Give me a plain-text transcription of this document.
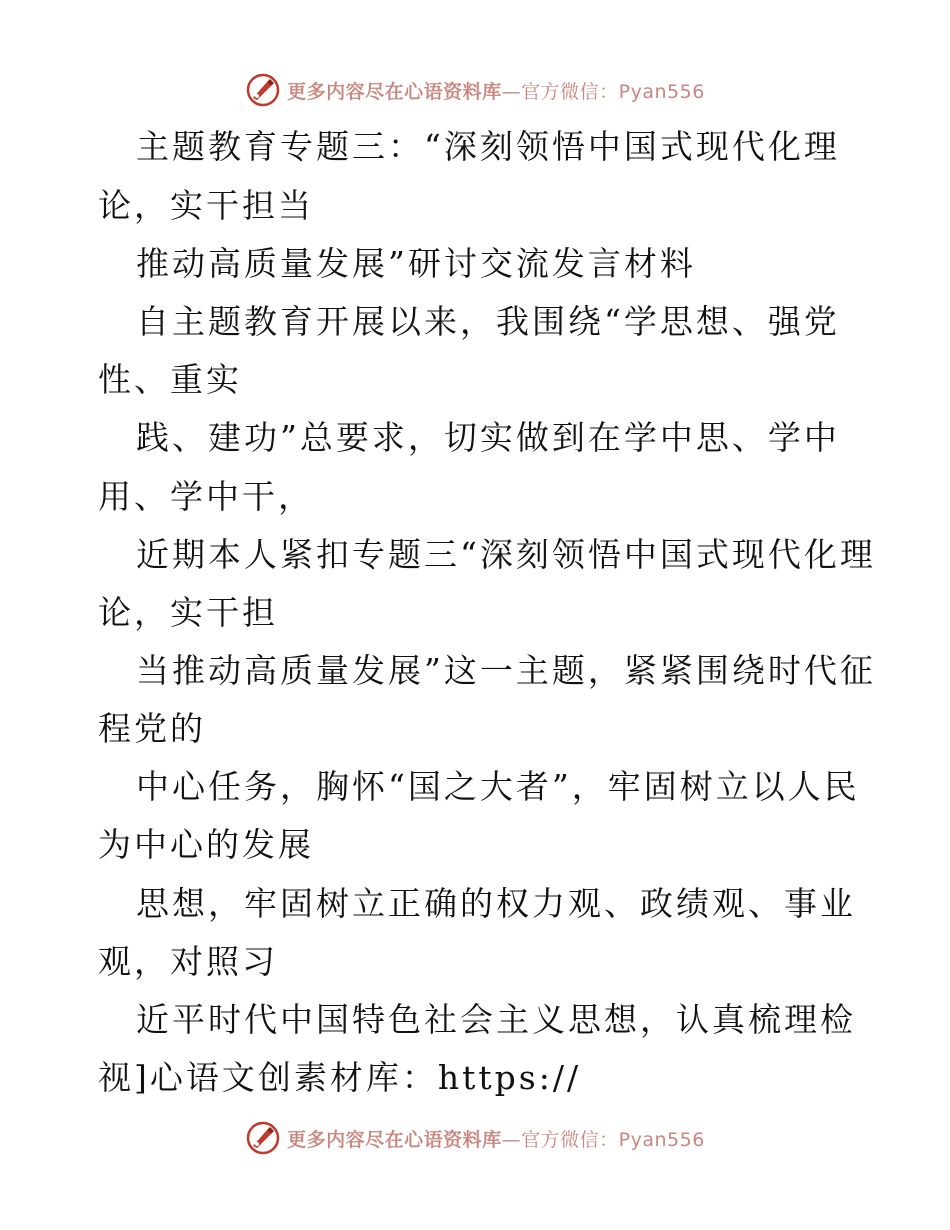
更多内容尽在心语资料库—官方微信：Pyan556
主题教育专题三：“深刻领悟中国式现代化理
论，实干担当
推动高质量发展”研讨交流发言材料
自主题教育开展以来，我围绕“学思想、强党
性、重实
践、建功”总要求，切实做到在学中思、学中
用、学中干，
近期本人紧扣专题三“深刻领悟中国式现代化理
论，实干担
当推动高质量发展”这一主题，紧紧围绕时代征
程党的
中心任务，胸怀“国之大者”，牢固树立以人民
为中心的发展
思想，牢固树立正确的权力观、政绩观、事业
观，对照习
近平时代中国特色社会主义思想，认真梳理检
视]心语文创素材库：https://
更多内容尽在心语资料库—官方微信：Pyan556
